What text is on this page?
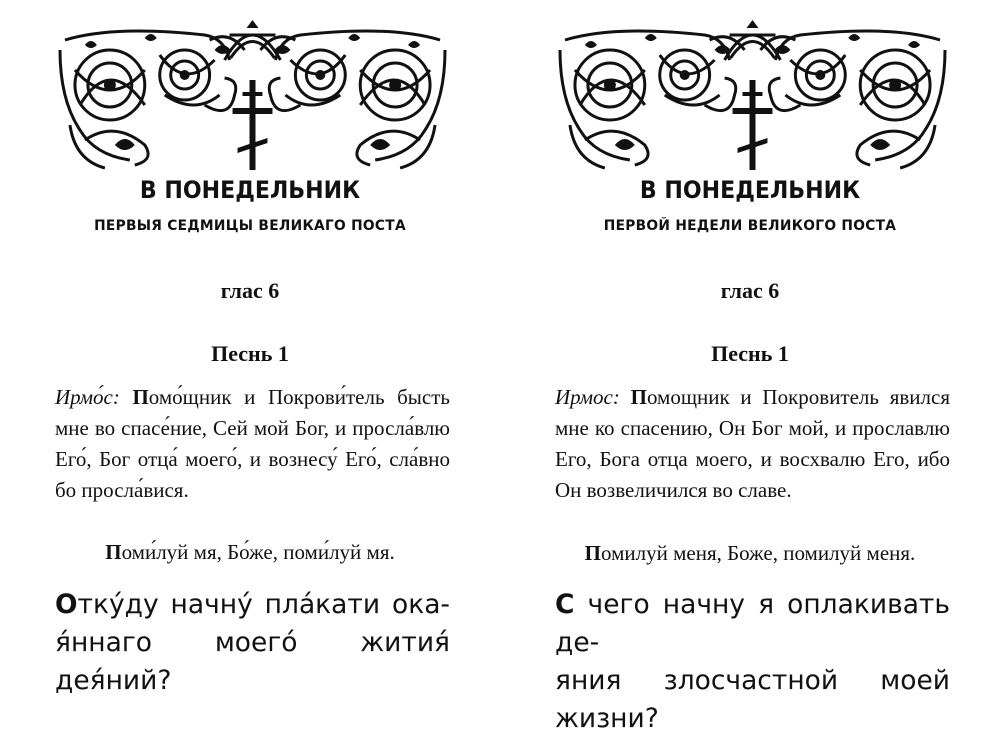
В ПОНЕДЕЛЬНИК
ПЕРВЫЯ СЕДМИЦЫ ВЕЛИКАГО ПОСТА
глас 6
Песнь 1
Ирмо́с: Помо́щник и Покрови́тель бысть мне во спасе́ние, Сей мой Бог, и просла́влю Его́, Бог отца́ моего́, и вознесу́ Его́, сла́вно бо просла́вися.
Поми́луй мя, Бо́же, поми́луй мя.
Отку́ду начну́ пла́кати ока-
я́ннаго моего́ жития́ дея́ний?
В ПОНЕДЕЛЬНИК
ПЕРВОЙ НЕДЕЛИ ВЕЛИКОГО ПОСТА
глас 6
Песнь 1
Ирмос: Помощник и Покровитель явился мне ко спасению, Он Бог мой, и прославлю Его, Бога отца моего, и восхвалю Его, ибо Он возвеличился во славе.
Помилуй меня, Боже, помилуй меня.
С чего начну я оплакивать де-
яния злосчастной моей жизни?
